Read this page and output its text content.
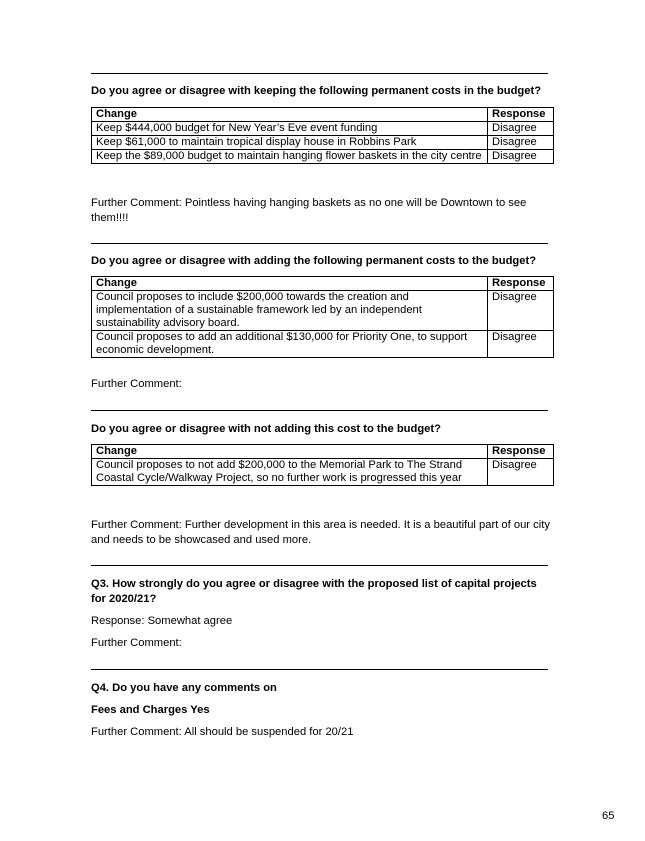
Do you agree or disagree with keeping the following permanent costs in the budget?
Change	Response
Keep $444,000 budget for New Year’s Eve event funding	Disagree
Keep $61,000 to maintain tropical display house in Robbins Park	Disagree
Keep the $89,000 budget to maintain hanging flower baskets in the city centre	Disagree
Further Comment: Pointless having hanging baskets as no one will be Downtown to see them!!!!
Do you agree or disagree with adding the following permanent costs to the budget?
Change	Response
Council proposes to include $200,000 towards the creation and implementation of a sustainable framework led by an independent sustainability advisory board.	Disagree
Council proposes to add an additional $130,000 for Priority One, to support economic development.	Disagree
Further Comment:
Do you agree or disagree with not adding this cost to the budget?
Change	Response
Council proposes to not add $200,000 to the Memorial Park to The Strand Coastal Cycle/Walkway Project, so no further work is progressed this year	Disagree
Further Comment: Further development in this area is needed. It is a beautiful part of our city and needs to be showcased and used more.
Q3. How strongly do you agree or disagree with the proposed list of capital projects for 2020/21?
Response: Somewhat agree
Further Comment:
Q4. Do you have any comments on
Fees and Charges Yes
Further Comment: All should be suspended for 20/21
65
